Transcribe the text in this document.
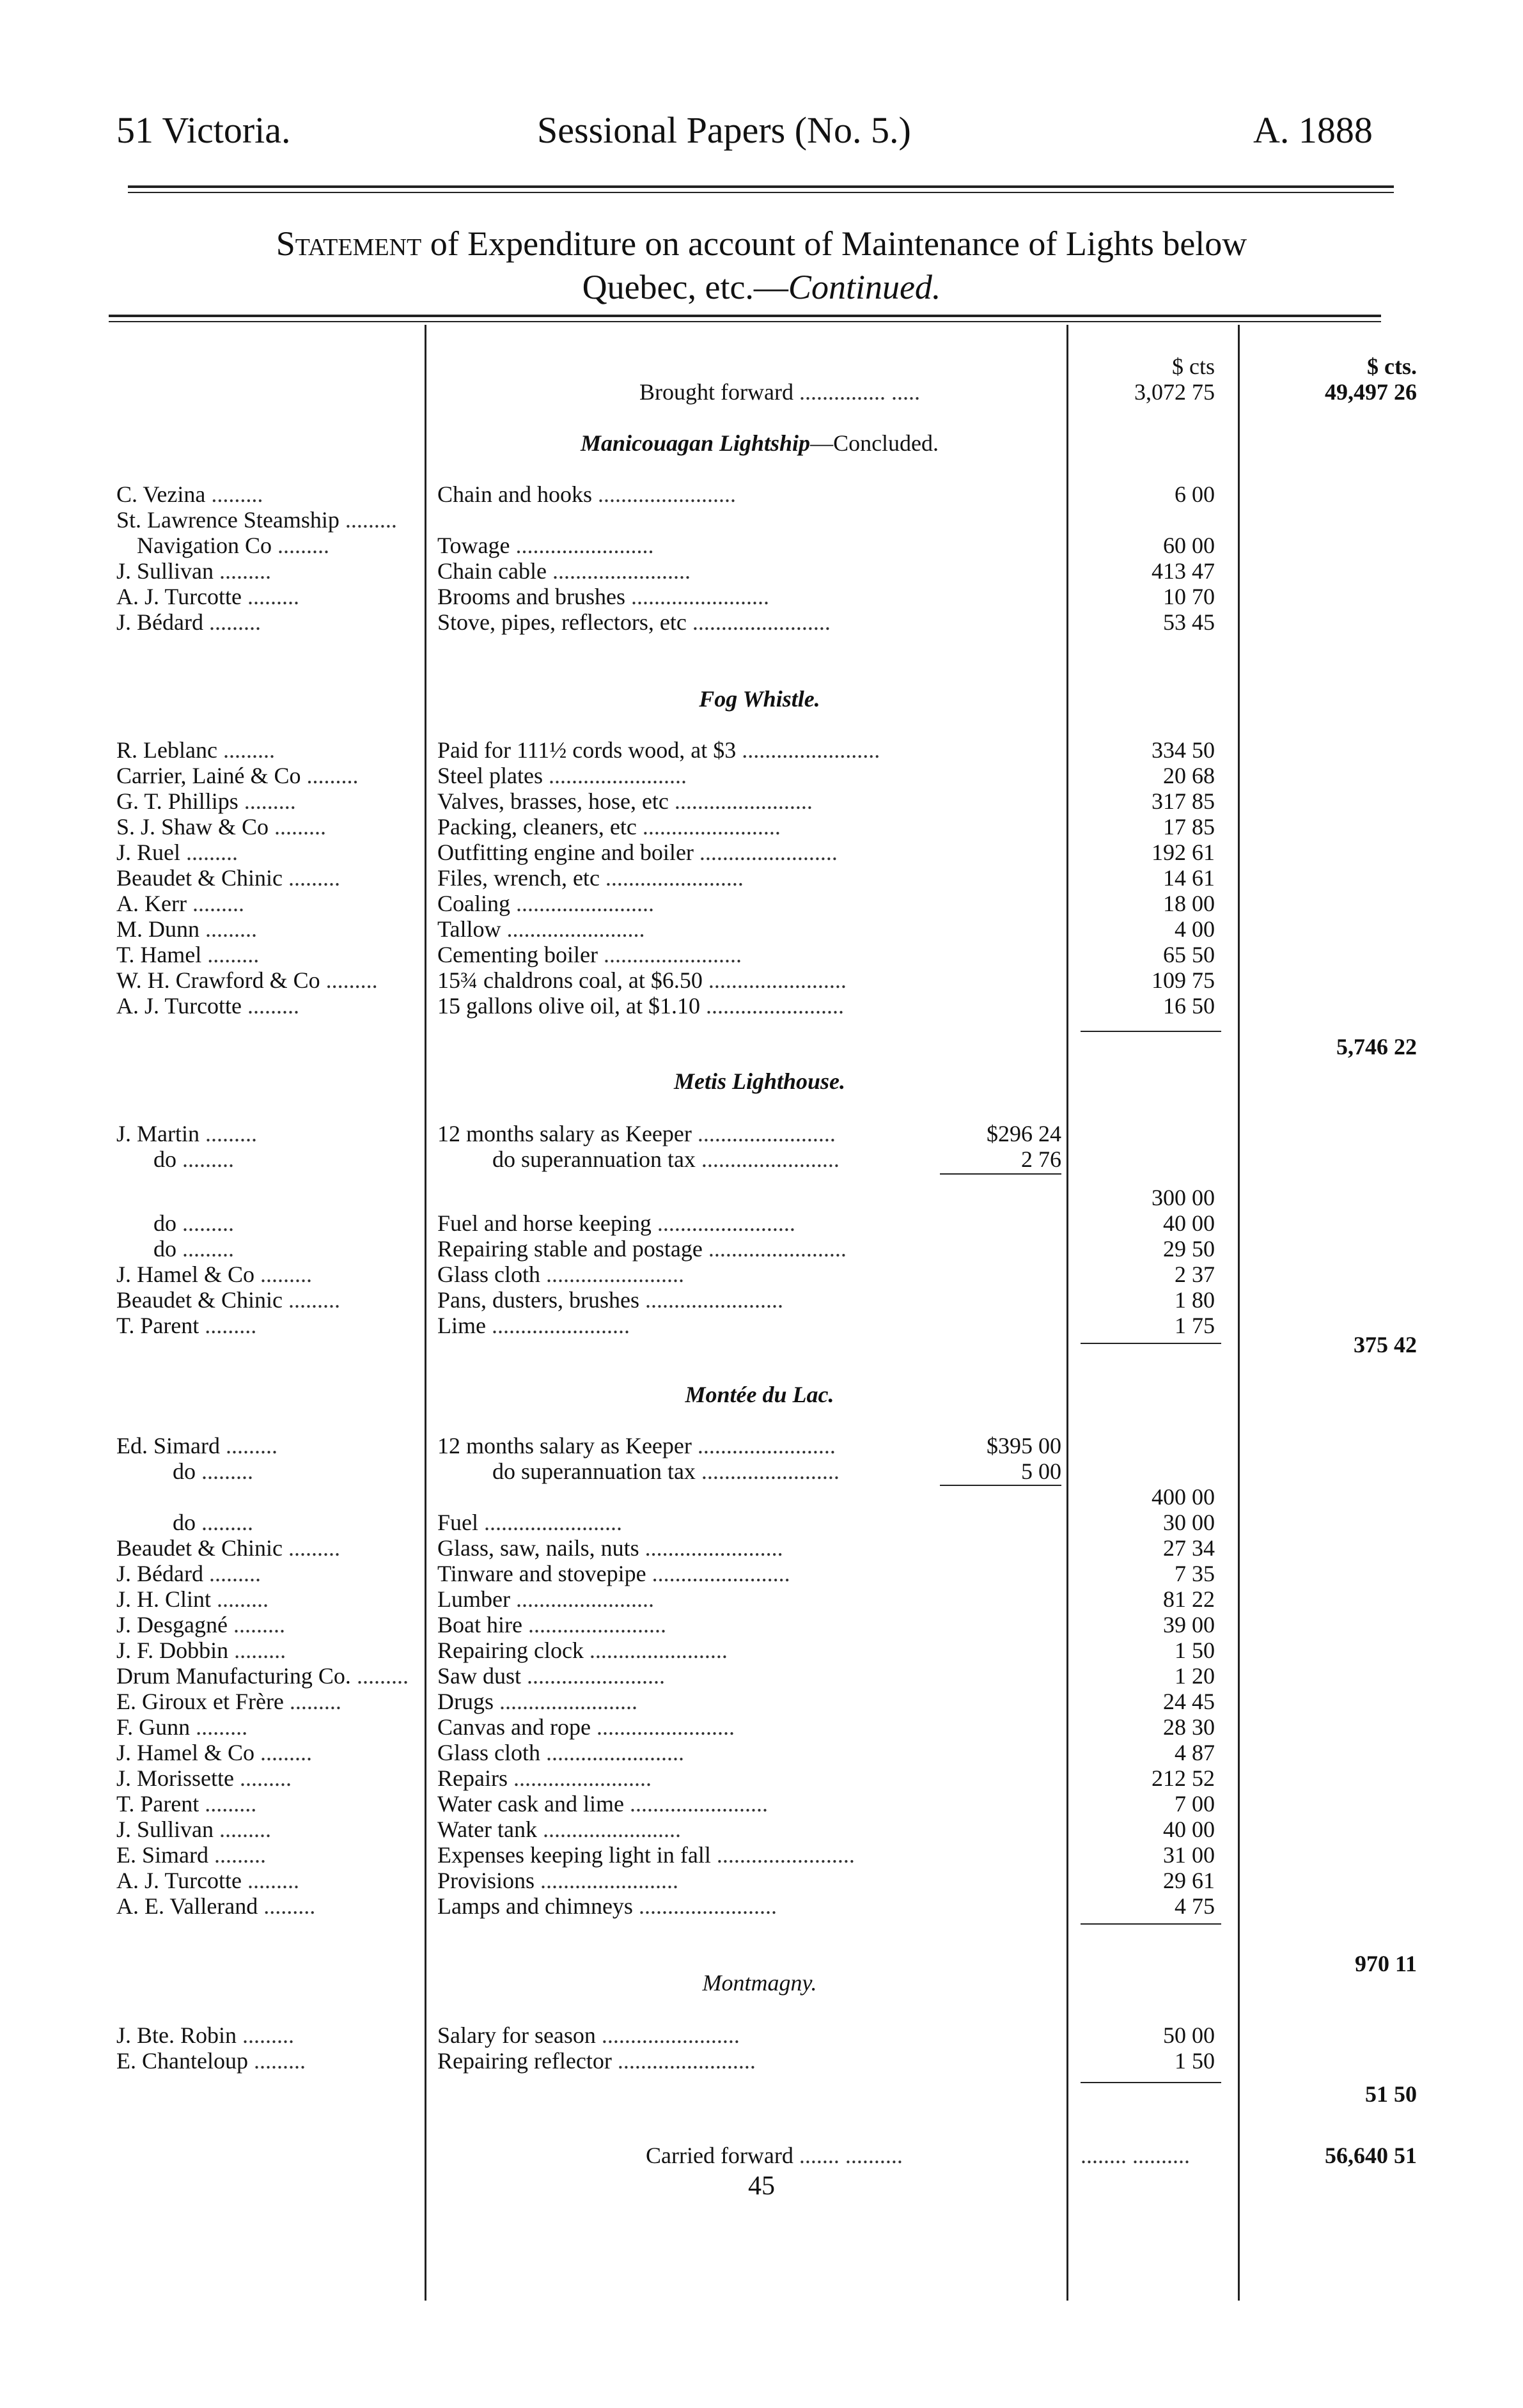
51 Victoria.	Sessional Papers (No. 5.)	A. 1888
Statement of Expenditure on account of Maintenance of Lights below
Quebec, etc.—Continued.
$ cts	$ cts.
Brought forward ............... .....	3,072 75	49,497 26
Manicouagan Lightship—Concluded.
C. Vezina .........	Chain and hooks ........................	6 00
St. Lawrence Steamship .........
Navigation Co .........	Towage ........................	60 00
J. Sullivan .........	Chain cable ........................	413 47
A. J. Turcotte .........	Brooms and brushes ........................	10 70
J. Bédard .........	Stove, pipes, reflectors, etc ........................	53 45
Fog Whistle.
R. Leblanc .........	Paid for 111½ cords wood, at $3 ........................	334 50
Carrier, Lainé & Co .........	Steel plates ........................	20 68
G. T. Phillips .........	Valves, brasses, hose, etc ........................	317 85
S. J. Shaw & Co .........	Packing, cleaners, etc ........................	17 85
J. Ruel .........	Outfitting engine and boiler ........................	192 61
Beaudet & Chinic .........	Files, wrench, etc ........................	14 61
A. Kerr .........	Coaling ........................	18 00
M. Dunn .........	Tallow ........................	4 00
T. Hamel .........	Cementing boiler ........................	65 50
W. H. Crawford & Co .........	15¾ chaldrons coal, at $6.50 ........................	109 75
A. J. Turcotte .........	15 gallons olive oil, at $1.10 ........................	16 50
5,746 22
Metis Lighthouse.
J. Martin .........	12 months salary as Keeper ........................	$296 24
do .........	do superannuation tax ........................	2 76
300 00
do .........	Fuel and horse keeping ........................	40 00
do .........	Repairing stable and postage ........................	29 50
J. Hamel & Co .........	Glass cloth ........................	2 37
Beaudet & Chinic .........	Pans, dusters, brushes ........................	1 80
T. Parent .........	Lime ........................	1 75
375 42
Montée du Lac.
Ed. Simard .........	12 months salary as Keeper ........................	$395 00
do .........	do superannuation tax ........................	5 00
400 00
do .........	Fuel ........................	30 00
Beaudet & Chinic .........	Glass, saw, nails, nuts ........................	27 34
J. Bédard .........	Tinware and stovepipe ........................	7 35
J. H. Clint .........	Lumber ........................	81 22
J. Desgagné .........	Boat hire ........................	39 00
J. F. Dobbin .........	Repairing clock ........................	1 50
Drum Manufacturing Co. ......... Saw dust ........................	1 20
E. Giroux et Frère .........	Drugs ........................	24 45
F. Gunn .........	Canvas and rope ........................	28 30
J. Hamel & Co .........	Glass cloth ........................	4 87
J. Morissette .........	Repairs ........................	212 52
T. Parent .........	Water cask and lime ........................	7 00
J. Sullivan .........	Water tank ........................	40 00
E. Simard .........	Expenses keeping light in fall ........................	31 00
A. J. Turcotte .........	Provisions ........................	29 61
A. E. Vallerand .........	Lamps and chimneys ........................	4 75
970 11
Montmagny.
J. Bte. Robin .........	Salary for season ........................	50 00
E. Chanteloup .........	Repairing reflector ........................	1 50
51 50
Carried forward ....... ..........	........ ..........	56,640 51
45
